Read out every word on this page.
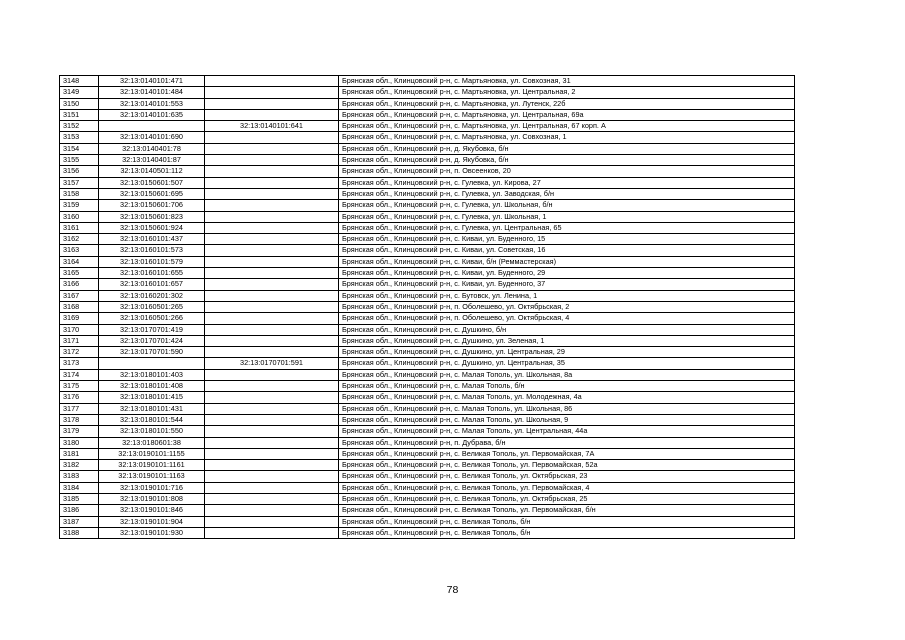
3148	32:13:0140101:471		Брянская обл., Клинцовский р-н, с. Мартьяновка, ул. Совхозная, 31
3149	32:13:0140101:484		Брянская обл., Клинцовский р-н, с. Мартьяновка, ул. Центральная, 2
3150	32:13:0140101:553		Брянская обл., Клинцовский р-н, с. Мартьяновка, ул. Лутенск, 22б
3151	32:13:0140101:635		Брянская обл., Клинцовский р-н, с. Мартьяновка, ул. Центральная, 69а
3152		32:13:0140101:641	Брянская обл., Клинцовский р-н, с. Мартьяновка, ул. Центральная, 67 корп. А
3153	32:13:0140101:690		Брянская обл., Клинцовский р-н, с. Мартьяновка, ул. Совхозная, 1
3154	32:13:0140401:78		Брянская обл., Клинцовский р-н, д. Якубовка, б/н
3155	32:13:0140401:87		Брянская обл., Клинцовский р-н, д. Якубовка, б/н
3156	32:13:0140501:112		Брянская обл., Клинцовский р-н, п. Овсеенков, 20
3157	32:13:0150601:507		Брянская обл., Клинцовский р-н, с. Гулевка, ул. Кирова, 27
3158	32:13:0150601:695		Брянская обл., Клинцовский р-н, с. Гулевка, ул. Заводская, б/н
3159	32:13:0150601:706		Брянская обл., Клинцовский р-н, с. Гулевка, ул. Школьная, б/н
3160	32:13:0150601:823		Брянская обл., Клинцовский р-н, с. Гулевка, ул. Школьная, 1
3161	32:13:0150601:924		Брянская обл., Клинцовский р-н, с. Гулевка, ул. Центральная, 65
3162	32:13:0160101:437		Брянская обл., Клинцовский р-н, с. Киваи, ул. Буденного, 15
3163	32:13:0160101:573		Брянская обл., Клинцовский р-н, с. Киваи, ул. Советская, 16
3164	32:13:0160101:579		Брянская обл., Клинцовский р-н, с. Киваи, б/н (Реммастерская)
3165	32:13:0160101:655		Брянская обл., Клинцовский р-н, с. Киваи, ул. Буденного, 29
3166	32:13:0160101:657		Брянская обл., Клинцовский р-н, с. Киваи, ул. Буденного, 37
3167	32:13:0160201:302		Брянская обл., Клинцовский р-н, с. Бутовск, ул. Ленина, 1
3168	32:13:0160501:265		Брянская обл., Клинцовский р-н, п. Оболешево, ул. Октябрьская, 2
3169	32:13:0160501:266		Брянская обл., Клинцовский р-н, п. Оболешево, ул. Октябрьская, 4
3170	32:13:0170701:419		Брянская обл., Клинцовский р-н, с. Душкино, б/н
3171	32:13:0170701:424		Брянская обл., Клинцовский р-н, с. Душкино, ул. Зеленая, 1
3172	32:13:0170701:590		Брянская обл., Клинцовский р-н, с. Душкино, ул. Центральная, 29
3173		32:13:0170701:591	Брянская обл., Клинцовский р-н, с. Душкино, ул. Центральная, 35
3174	32:13:0180101:403		Брянская обл., Клинцовский р-н, с. Малая Тополь, ул. Школьная, 8а
3175	32:13:0180101:408		Брянская обл., Клинцовский р-н, с. Малая Тополь, б/н
3176	32:13:0180101:415		Брянская обл., Клинцовский р-н, с. Малая Тополь, ул. Молодежная, 4а
3177	32:13:0180101:431		Брянская обл., Клинцовский р-н, с. Малая Тополь, ул. Школьная, 86
3178	32:13:0180101:544		Брянская обл., Клинцовский р-н, с. Малая Тополь, ул. Школьная, 9
3179	32:13:0180101:550		Брянская обл., Клинцовский р-н, с. Малая Тополь, ул. Центральная, 44а
3180	32:13:0180601:38		Брянская обл., Клинцовский р-н, п. Дубрава, б/н
3181	32:13:0190101:1155		Брянская обл., Клинцовский р-н, с. Великая Тополь, ул. Первомайская, 7А
3182	32:13:0190101:1161		Брянская обл., Клинцовский р-н, с. Великая Тополь, ул. Первомайская, 52а
3183	32:13:0190101:1163		Брянская обл., Клинцовский р-н, с. Великая Тополь, ул. Октябрьская, 23
3184	32:13:0190101:716		Брянская обл., Клинцовский р-н, с. Великая Тополь, ул. Первомайская, 4
3185	32:13:0190101:808		Брянская обл., Клинцовский р-н, с. Великая Тополь, ул. Октябрьская, 25
3186	32:13:0190101:846		Брянская обл., Клинцовский р-н, с. Великая Тополь, ул. Первомайская, б/н
3187	32:13:0190101:904		Брянская обл., Клинцовский р-н, с. Великая Тополь, б/н
3188	32:13:0190101:930		Брянская обл., Клинцовский р-н, с. Великая Тополь, б/н
78
